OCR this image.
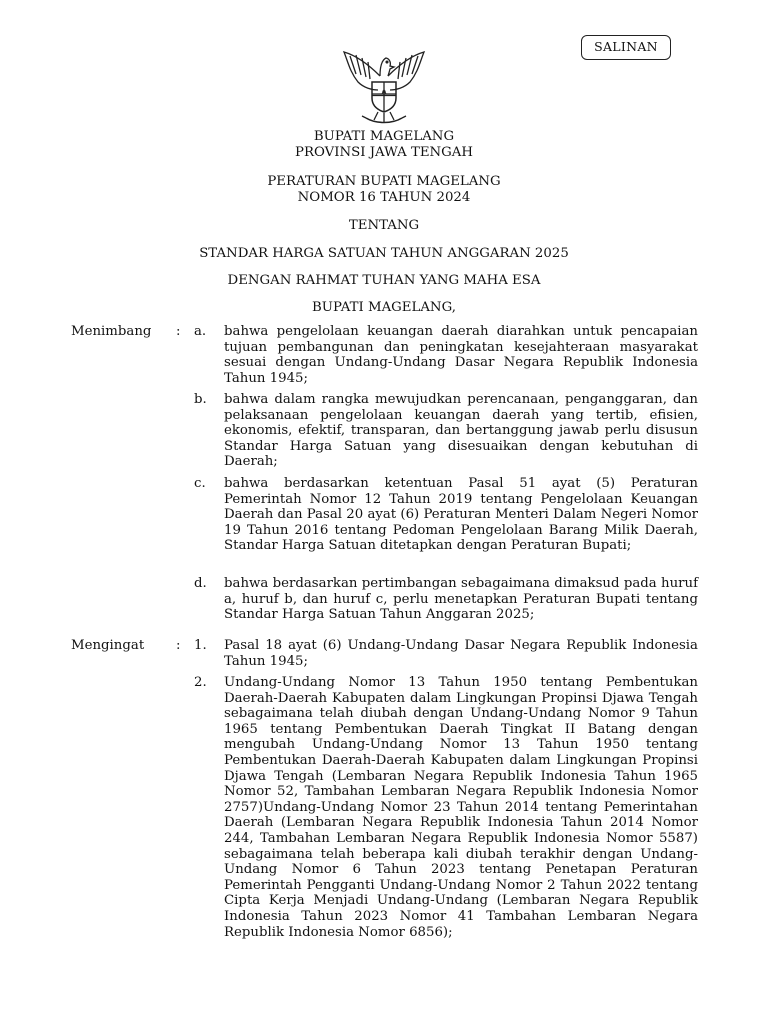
SALINAN
BUPATI MAGELANG
PROVINSI JAWA TENGAH
PERATURAN BUPATI MAGELANG
NOMOR 16 TAHUN 2024
TENTANG
STANDAR HARGA SATUAN TAHUN ANGGARAN 2025
DENGAN RAHMAT TUHAN YANG MAHA ESA
BUPATI MAGELANG,
Menimbang : a.	bahwa pengelolaan keuangan daerah diarahkan untuk pencapaian tujuan pembangunan dan peningkatan kesejahteraan masyarakat sesuai dengan Undang-Undang Dasar Negara Republik Indonesia Tahun 1945;
b.	bahwa dalam rangka mewujudkan perencanaan, penganggaran, dan pelaksanaan pengelolaan keuangan daerah yang tertib, efisien, ekonomis, efektif, transparan, dan bertanggung jawab perlu disusun Standar Harga Satuan yang disesuaikan dengan kebutuhan di Daerah;
c.	bahwa berdasarkan ketentuan Pasal 51 ayat (5) Peraturan Pemerintah Nomor 12 Tahun 2019 tentang Pengelolaan Keuangan Daerah dan Pasal 20 ayat (6) Peraturan Menteri Dalam Negeri Nomor 19 Tahun 2016 tentang Pedoman Pengelolaan Barang Milik Daerah, Standar Harga Satuan ditetapkan dengan Peraturan Bupati;
d.	bahwa berdasarkan pertimbangan sebagaimana dimaksud pada huruf a, huruf b, dan huruf c, perlu menetapkan Peraturan Bupati tentang Standar Harga Satuan Tahun Anggaran 2025;
Mengingat : 1.	Pasal 18 ayat (6) Undang-Undang Dasar Negara Republik Indonesia Tahun 1945;
2.	Undang-Undang Nomor 13 Tahun 1950 tentang Pembentukan Daerah-Daerah Kabupaten dalam Lingkungan Propinsi Djawa Tengah sebagaimana telah diubah dengan Undang-Undang Nomor 9 Tahun 1965 tentang Pembentukan Daerah Tingkat II Batang dengan mengubah Undang-Undang Nomor 13 Tahun 1950 tentang Pembentukan Daerah-Daerah Kabupaten dalam Lingkungan Propinsi Djawa Tengah (Lembaran Negara Republik Indonesia Tahun 1965 Nomor 52, Tambahan Lembaran Negara Republik Indonesia Nomor 2757)Undang-Undang Nomor 23 Tahun 2014 tentang Pemerintahan Daerah (Lembaran Negara Republik Indonesia Tahun 2014 Nomor 244, Tambahan Lembaran Negara Republik Indonesia Nomor 5587) sebagaimana telah beberapa kali diubah terakhir dengan Undang-Undang Nomor 6 Tahun 2023 tentang Penetapan Peraturan Pemerintah Pengganti Undang-Undang Nomor 2 Tahun 2022 tentang Cipta Kerja Menjadi Undang-Undang (Lembaran Negara Republik Indonesia Tahun 2023 Nomor 41 Tambahan Lembaran Negara Republik Indonesia Nomor 6856);
